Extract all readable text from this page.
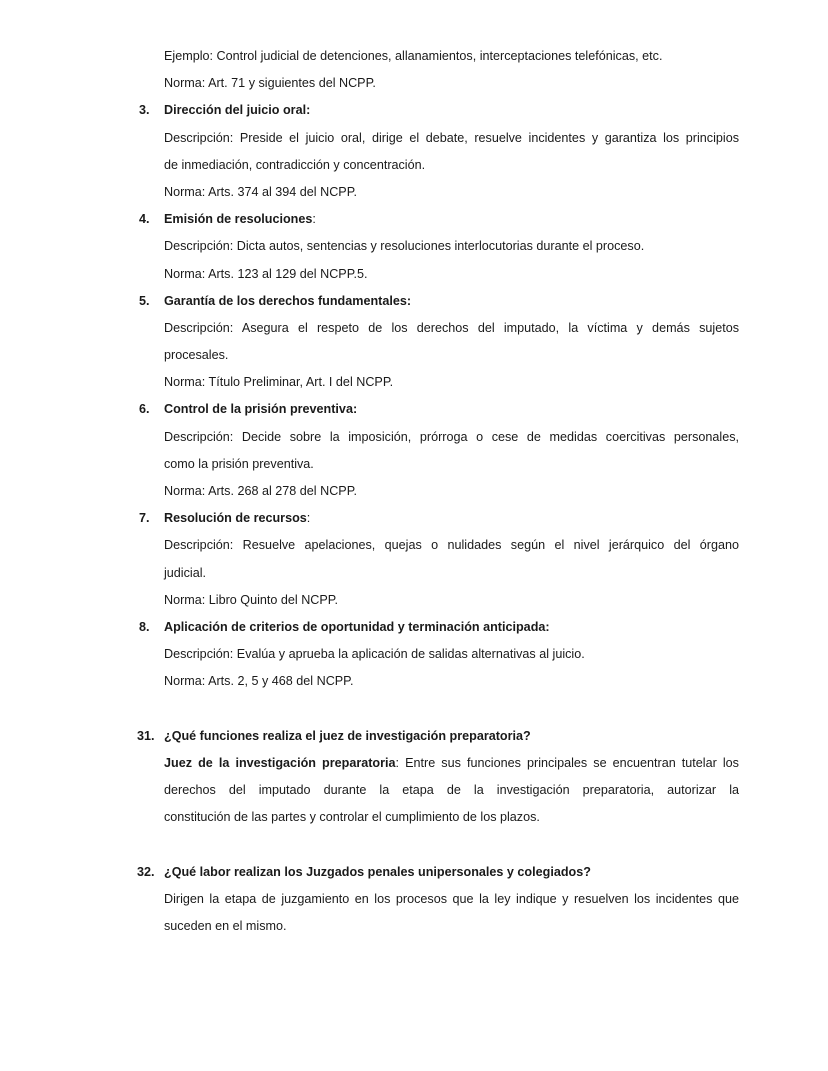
Ejemplo: Control judicial de detenciones, allanamientos, interceptaciones telefónicas, etc.
Norma: Art. 71 y siguientes del NCPP.
3. Dirección del juicio oral:
Descripción: Preside el juicio oral, dirige el debate, resuelve incidentes y garantiza los principios
de inmediación, contradicción y concentración.
Norma: Arts. 374 al 394 del NCPP.
4. Emisión de resoluciones:
Descripción: Dicta autos, sentencias y resoluciones interlocutorias durante el proceso.
Norma: Arts. 123 al 129 del NCPP.5.
5. Garantía de los derechos fundamentales:
Descripción: Asegura el respeto de los derechos del imputado, la víctima y demás sujetos
procesales.
Norma: Título Preliminar, Art. I del NCPP.
6. Control de la prisión preventiva:
Descripción: Decide sobre la imposición, prórroga o cese de medidas coercitivas personales,
como la prisión preventiva.
Norma: Arts. 268 al 278 del NCPP.
7. Resolución de recursos:
Descripción: Resuelve apelaciones, quejas o nulidades según el nivel jerárquico del órgano
judicial.
Norma: Libro Quinto del NCPP.
8. Aplicación de criterios de oportunidad y terminación anticipada:
Descripción: Evalúa y aprueba la aplicación de salidas alternativas al juicio.
Norma: Arts. 2, 5 y 468 del NCPP.
31. ¿Qué funciones realiza el juez de investigación preparatoria?
Juez de la investigación preparatoria: Entre sus funciones principales se encuentran tutelar los
derechos del imputado durante la etapa de la investigación preparatoria, autorizar la
constitución de las partes y controlar el cumplimiento de los plazos.
32. ¿Qué labor realizan los Juzgados penales unipersonales y colegiados?
Dirigen la etapa de juzgamiento en los procesos que la ley indique y resuelven los incidentes que
suceden en el mismo.
